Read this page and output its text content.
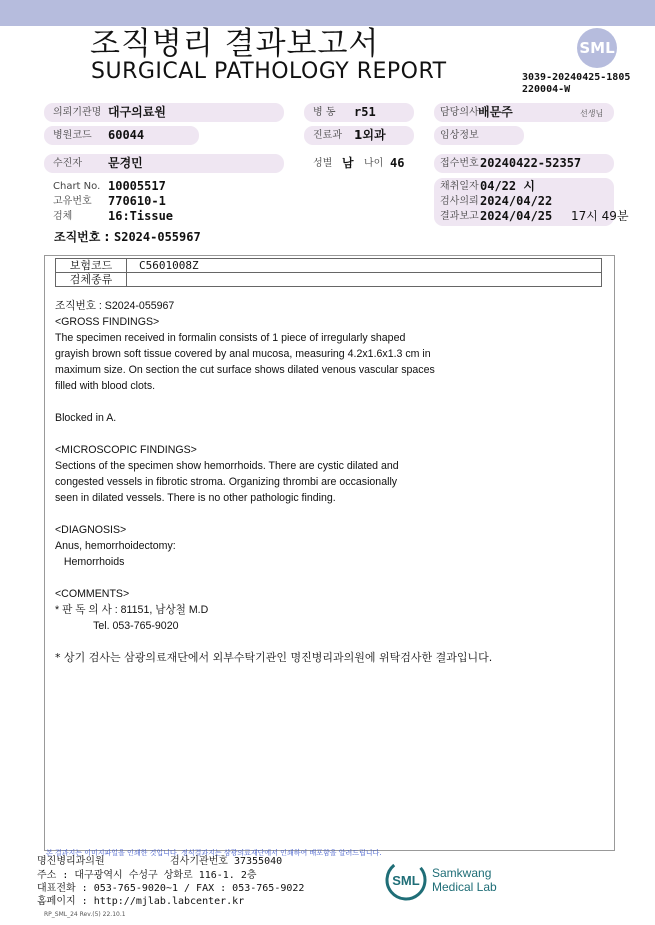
SML
조직병리 결과보고서
SURGICAL PATHOLOGY REPORT	3039-20240425-1805
220004-W
의뢰기관명 대구의료원	병 동 r51	담당의사 배문주	선생님
병원코드 60044	진료과 1외과	임상정보
수진자 문경민	성별 남 나이 46	접수번호 20240422-52357
Chart No. 10005517
고유번호 770610-1
검체	16:Tissue
채취일자 04/22 시
검사의뢰 2024/04/22
결과보고 2024/04/25 17시 49분
조직번호 : S2024-055967
보험코드	C5601008Z
검체종류
조직번호 : S2024-055967
<GROSS FINDINGS>
The specimen received in formalin consists of 1 piece of irregularly shaped
grayish brown soft tissue covered by anal mucosa, measuring 4.2x1.6x1.3 cm in
maximum size. On section the cut surface shows dilated venous vascular spaces
filled with blood clots.
Blocked in A.
<MICROSCOPIC FINDINGS>
Sections of the specimen show hemorrhoids. There are cystic dilated and
congested vessels in fibrotic stroma. Organizing thrombi are occasionally
seen in dilated vessels. There is no other pathologic finding.
<DIAGNOSIS>
Anus, hemorrhoidectomy:
Hemorrhoids
<COMMENTS>
* 판 독 의 사 : 81151, 남상철 M.D
Tel. 053-765-9020
* 상기 검사는 삼광의료재단에서 외부수탁기관인 명진병리과의원에 위탁검사한 결과입니다.
본 결과지는 이미지파일을 인쇄한 것입니다. 정식결과지는 삼광의료재단에서 인쇄하여 배포함을 알려드립니다.
명진병리과의원	검사기관번호 37355040
주소 : 대구광역시 수성구 상화로 116-1. 2층
대표전화 : 053-765-9020~1 / FAX : 053-765-9022
홈페이지 : http://mjlab.labcenter.kr
RP_SML_24 Rev.(5) 22.10.1
SML Samkwang
Medical Lab
